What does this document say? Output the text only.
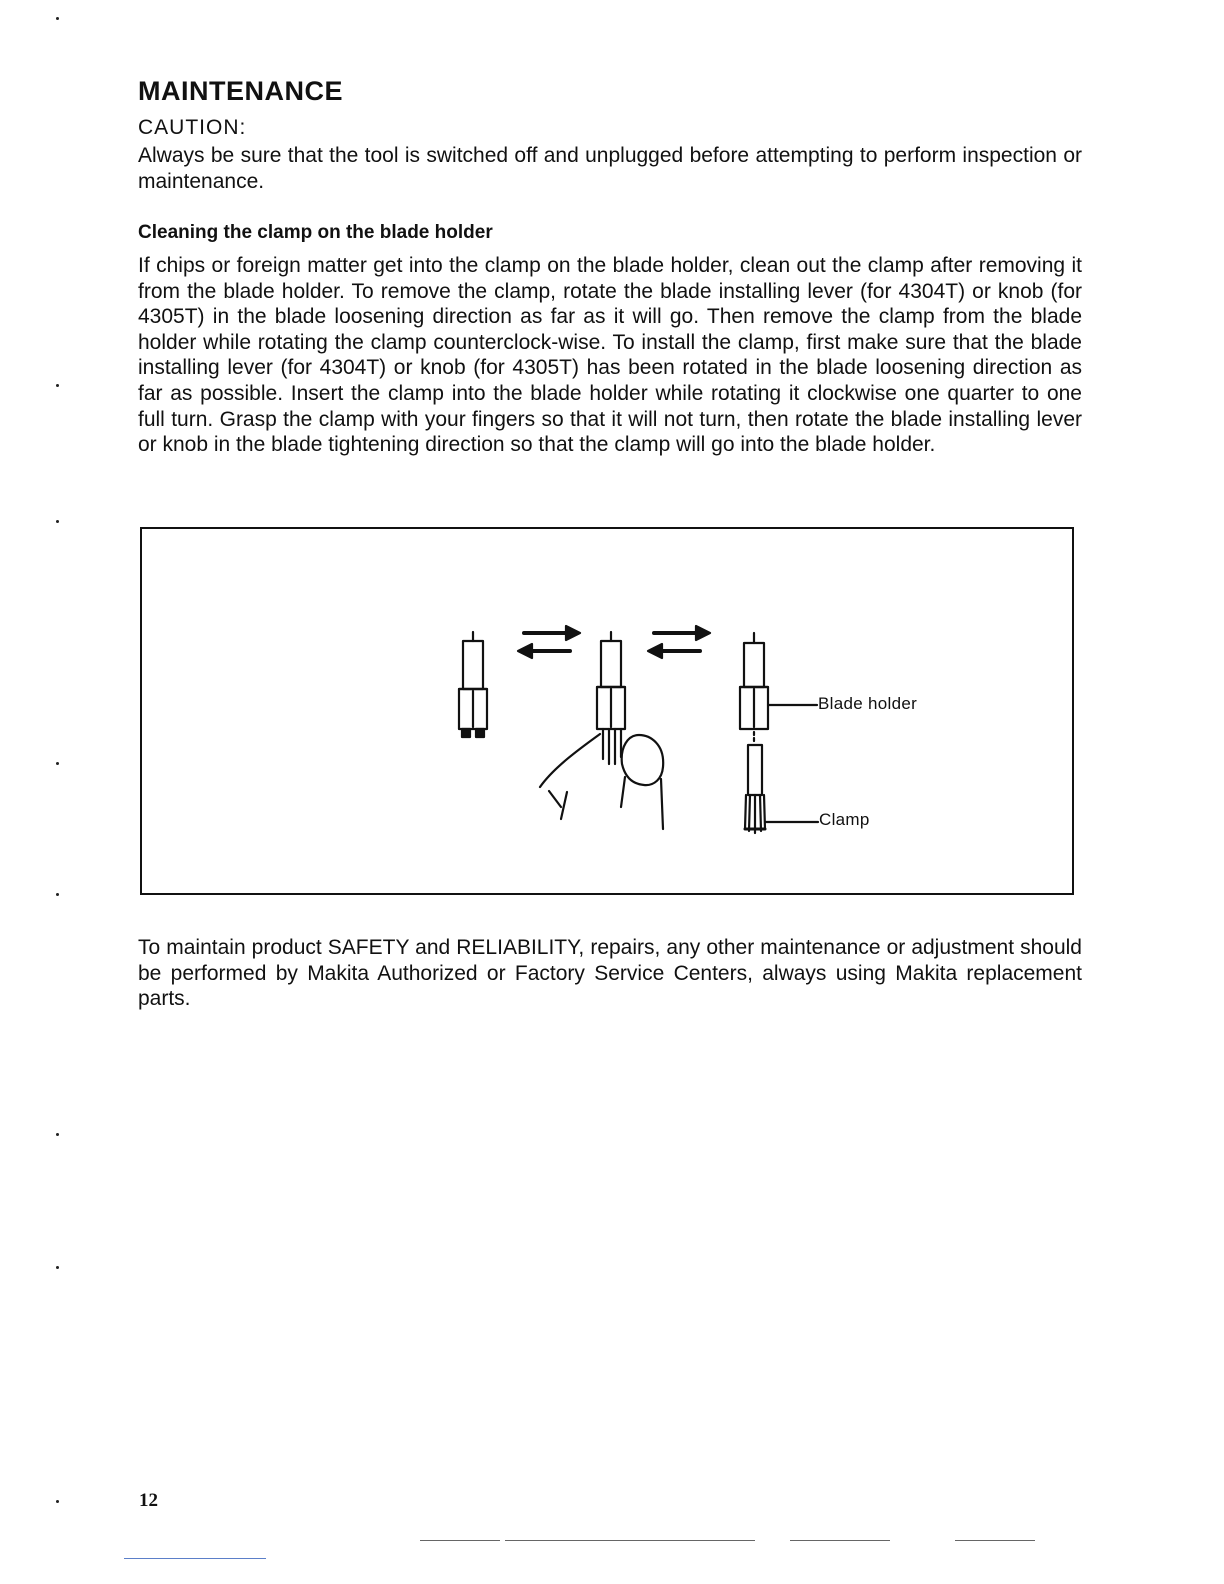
MAINTENANCE
CAUTION:

Always be sure that the tool is switched off and unplugged before attempting to perform inspection or maintenance.

Cleaning the clamp on the blade holder

If chips or foreign matter get into the clamp on the blade holder, clean out the clamp after removing it from the blade holder. To remove the clamp, rotate the blade installing lever (for 4304T) or knob (for 4305T) in the blade loosening direction as far as it will go. Then remove the clamp from the blade holder while rotating the clamp counterclock-wise. To install the clamp, first make sure that the blade installing lever (for 4304T) or knob (for 4305T) has been rotated in the blade loosening direction as far as possible. Insert the clamp into the blade holder while rotating it clockwise one quarter to one full turn. Grasp the clamp with your fingers so that it will not turn, then rotate the blade installing lever or knob in the blade tightening direction so that the clamp will go into the blade holder.

Blade holder
Clamp

To maintain product SAFETY and RELIABILITY, repairs, any other maintenance or adjustment should be performed by Makita Authorized or Factory Service Centers, always using Makita replacement parts.

12
